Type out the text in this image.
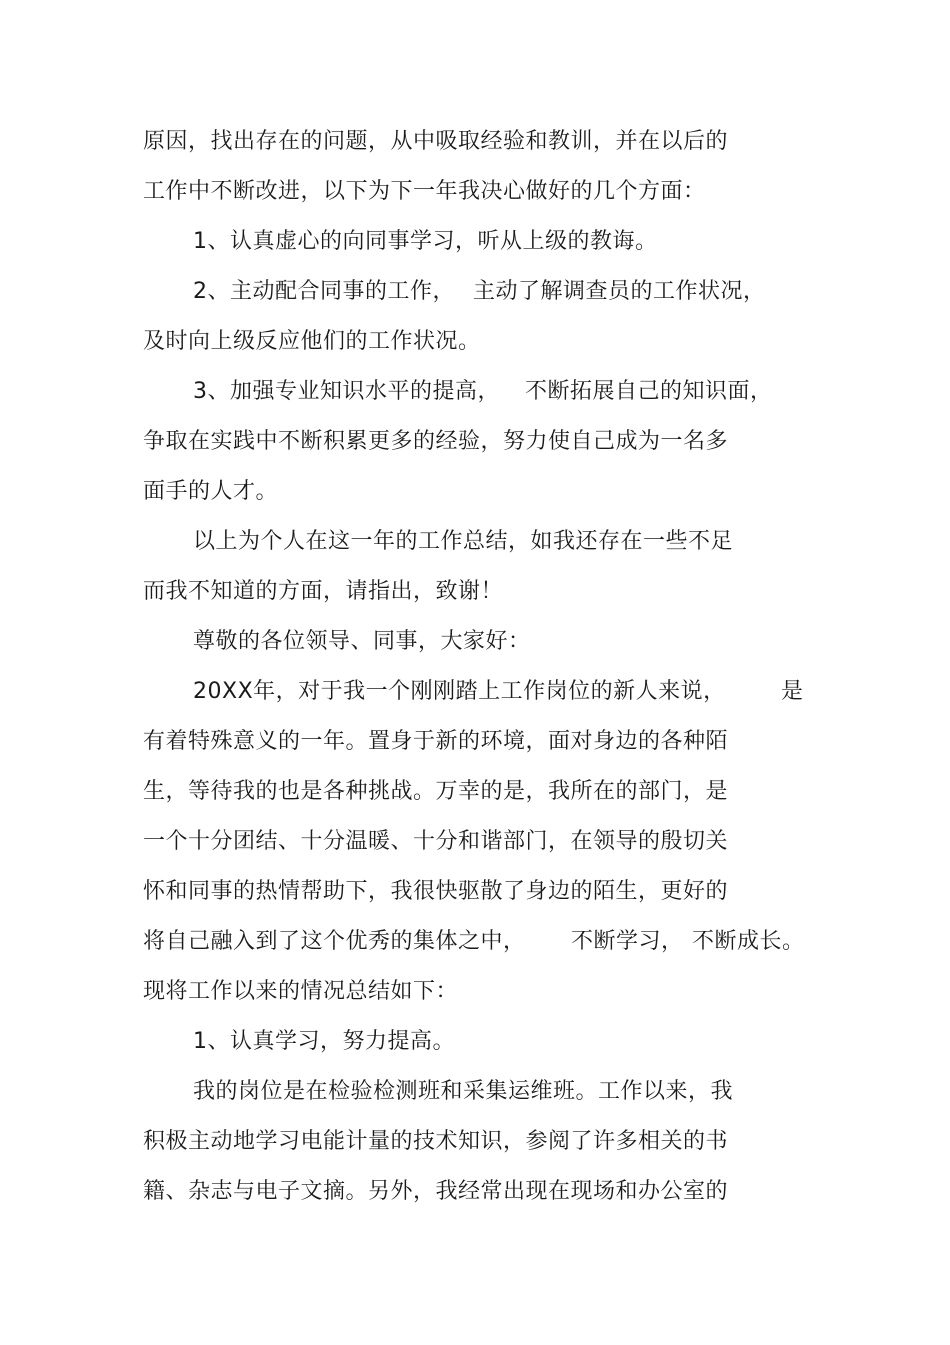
原因，找出存在的问题，从中吸取经验和教训，并在以后的
工作中不断改进，以下为下一年我决心做好的几个方面：
1、认真虚心的向同事学习，听从上级的教诲。

2、主动配合同事的工作，

主动了解调查员的工作状况，

及时向上级反应他们的工作状况。

3、加强专业知识水平的提高，

不断拓展自己的知识面，

争取在实践中不断积累更多的经验，努力使自己成为一名多
面手的人才。
以上为个人在这一年的工作总结，如我还存在一些不足
而我不知道的方面，请指出，致谢！
尊敬的各位领导、同事，大家好：

20XX年，对于我一个刚刚踏上工作岗位的新人来说，

	是

有着特殊意义的一年。置身于新的环境，面对身边的各种陌
生，等待我的也是各种挑战。万幸的是，我所在的部门，是
一个十分团结、十分温暖、十分和谐部门，在领导的殷切关
怀和同事的热情帮助下，我很快驱散了身边的陌生，更好的

将自己融入到了这个优秀的集体之中，

不断学习，

不断成长。

现将工作以来的情况总结如下：
1、认真学习，努力提高。
我的岗位是在检验检测班和采集运维班。工作以来，我
积极主动地学习电能计量的技术知识，参阅了许多相关的书
籍、杂志与电子文摘。另外，我经常出现在现场和办公室的
